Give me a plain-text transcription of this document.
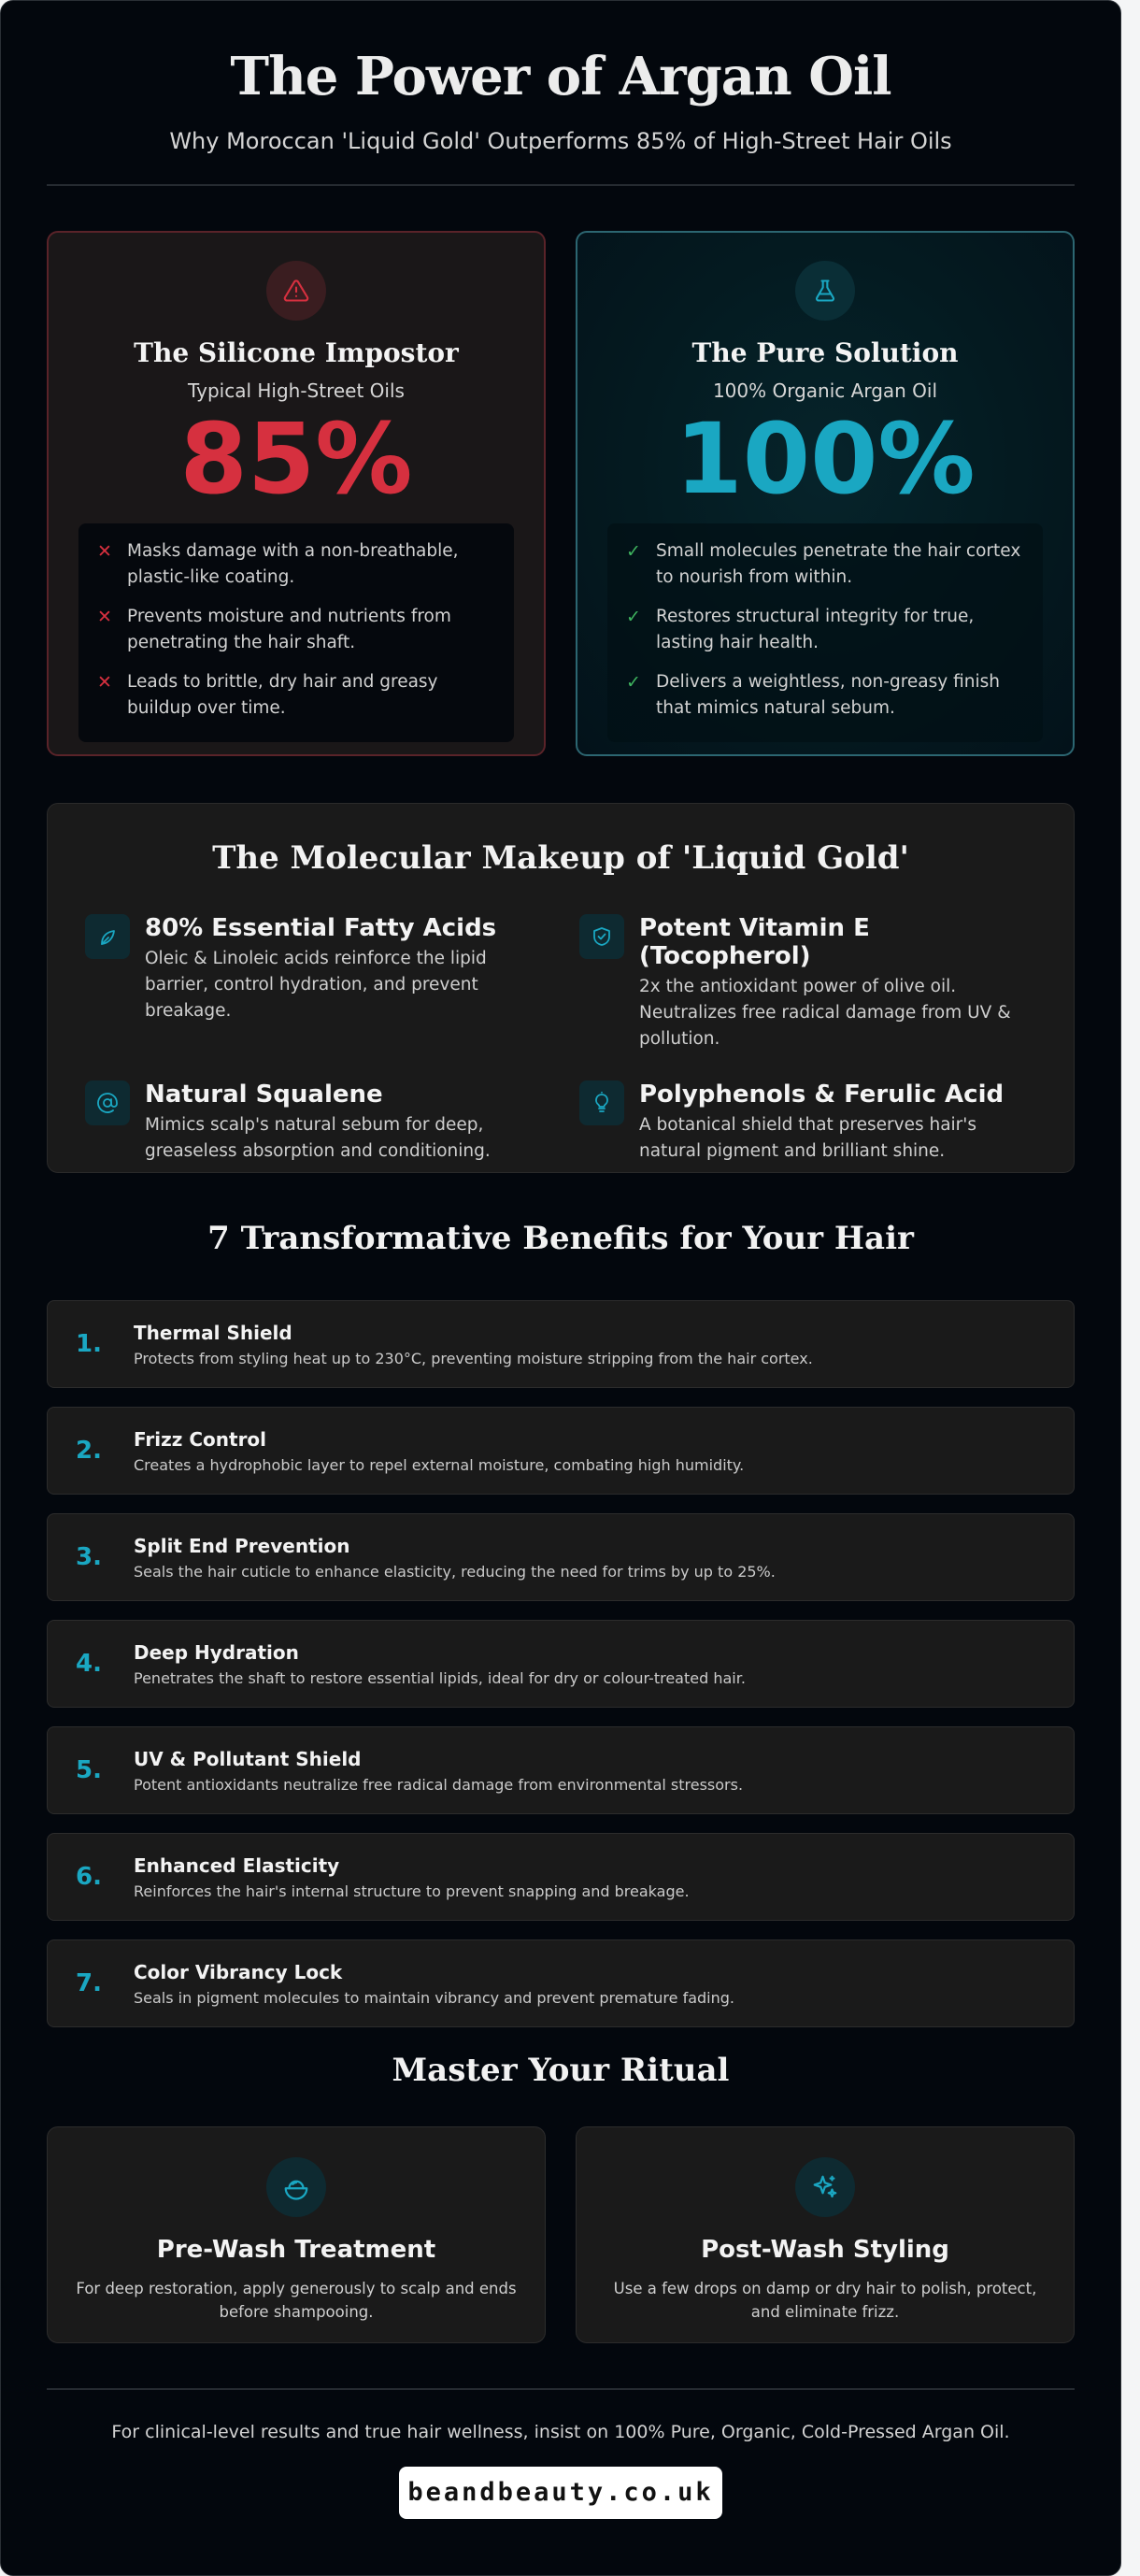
The Power of Argan Oil

Why Moroccan 'Liquid Gold' Outperforms 85% of High-Street Hair Oils

The Silicone Impostor

Typical High-Street Oils

85%
✕ Masks damage with a non-breathable, plastic-like coating.
✕ Prevents moisture and nutrients from penetrating the hair shaft.
✕ Leads to brittle, dry hair and greasy buildup over time.
The Pure Solution

100% Organic Argan Oil

100%
✓ Small molecules penetrate the hair cortex to nourish from within.
✓ Restores structural integrity for true, lasting hair health.
✓ Delivers a weightless, non-greasy finish that mimics natural sebum.
The Molecular Makeup of 'Liquid Gold'
80% Essential Fatty Acids
Oleic & Linoleic acids reinforce the lipid barrier, control hydration, and prevent breakage.
Potent Vitamin E (Tocopherol)
2x the antioxidant power of olive oil. Neutralizes free radical damage from UV & pollution.
Natural Squalene
Mimics scalp's natural sebum for deep, greaseless absorption and conditioning.
Polyphenols & Ferulic Acid
A botanical shield that preserves hair's natural pigment and brilliant shine.
7 Transformative Benefits for Your Hair
1.	Thermal Shield
Protects from styling heat up to 230°C, preventing moisture stripping from the hair cortex.
2.	Frizz Control
Creates a hydrophobic layer to repel external moisture, combating high humidity.
3.	Split End Prevention
Seals the hair cuticle to enhance elasticity, reducing the need for trims by up to 25%.
4.	Deep Hydration
Penetrates the shaft to restore essential lipids, ideal for dry or colour-treated hair.
5.	UV & Pollutant Shield
Potent antioxidants neutralize free radical damage from environmental stressors.
6.	Enhanced Elasticity
Reinforces the hair's internal structure to prevent snapping and breakage.
7.	Color Vibrancy Lock
Seals in pigment molecules to maintain vibrancy and prevent premature fading.
Master Your Ritual
Pre-Wash Treatment

For deep restoration, apply generously to scalp and ends before shampooing.

Post-Wash Styling

Use a few drops on damp or dry hair to polish, protect, and eliminate frizz.

For clinical-level results and true hair wellness, insist on 100% Pure, Organic, Cold-Pressed Argan Oil.

beandbeauty.co.uk
